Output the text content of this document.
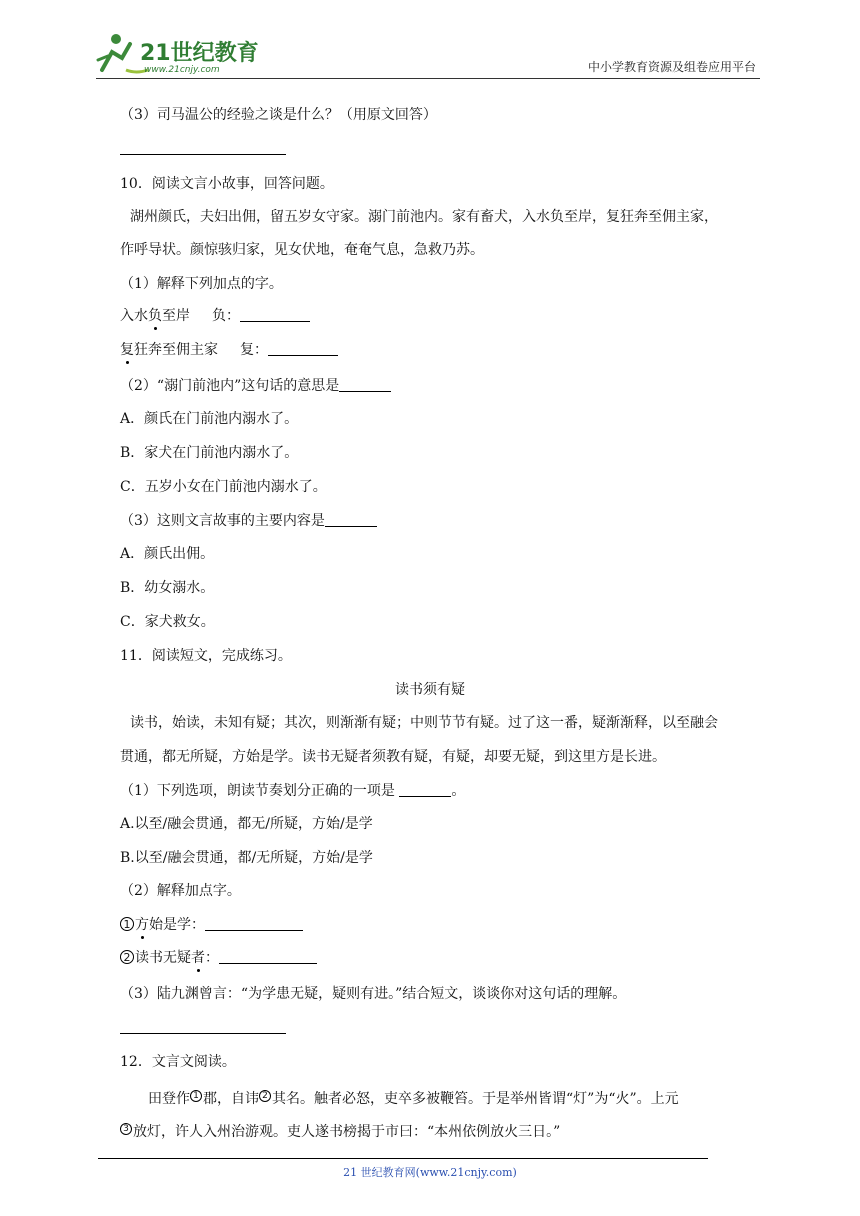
21世纪教育
www.21cnjy.com	中小学教育资源及组卷应用平台
（3）司马温公的经验之谈是什么？（用原文回答）
10．阅读文言小故事，回答问题。
湖州颜氏，夫妇出佣，留五岁女守家。溺门前池内。家有畜犬，入水负至岸，复狂奔至佣主家，
作呼导状。颜惊骇归家，见女伏地，奄奄气息，急救乃苏。
（1）解释下列加点的字。
入水负至岸 负：
复狂奔至佣主家 复：
（2）“溺门前池内”这句话的意思是
A．颜氏在门前池内溺水了。
B．家犬在门前池内溺水了。
C．五岁小女在门前池内溺水了。
（3）这则文言故事的主要内容是
A．颜氏出佣。
B．幼女溺水。
C．家犬救女。
11．阅读短文，完成练习。
读书须有疑
读书，始读，未知有疑；其次，则渐渐有疑；中则节节有疑。过了这一番，疑渐渐释，以至融会
贯通，都无所疑，方始是学。读书无疑者须教有疑，有疑，却要无疑，到这里方是长进。
（1）下列选项，朗读节奏划分正确的一项是	。
A.以至/融会贯通，都无/所疑，方始/是学
B.以至/融会贯通，都/无所疑，方始/是学
（2）解释加点字。
1 方始是学：
2 读书无疑者：
（3）陆九渊曾言：“为学患无疑，疑则有进。”结合短文，谈谈你对这句话的理解。
12．文言文阅读。
田登作 $^1$ 郡，自讳 $^2$ 其名。触者必怒，吏卒多被鞭笞。于是举州皆谓“灯”为“火”。上元
$^3$ 放灯，许人入州治游观。吏人遂书榜揭于市曰：“本州依例放火三日。”
21 世纪教育网(www.21cnjy.com)
